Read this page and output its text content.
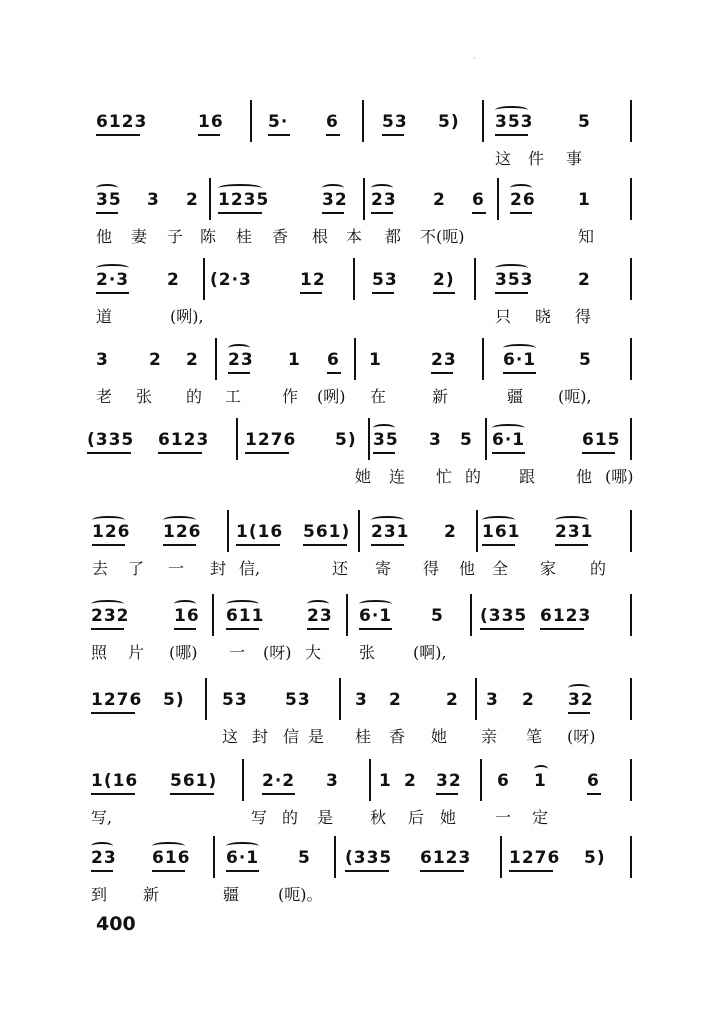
6123	16	5· 6	53 5) 353	5
这 件 事
35 3 2 1235	32 23 2 6 26 1
他 妻 子 陈 桂 香 根 本 都 不(呃)	知
2·3 2 (2·3	12	53 2) 353	2
道	(咧),	只 晓 得
3 2 2 23 1 6 1	23	6·1	5
老 张 的 工	作 (咧) 在	新	疆 (呃),
(335 6123 1276 5) 35 3 5 6·1	615
她 连 忙 的 跟	他 (哪)
126 126 1(16 561) 231 2 161 231
去 了 一 封 信,	还 寄 得 他 全 家 的
232	16 611	23 6·1 5 (335 6123
照 片 (哪) 一 (呀) 大 张 (啊),
1276 5) 53 53	3 2	2 3 2 32
这 封 信 是 桂 香 她 亲 笔 (呀)
1(16 561)	2·2 3 1 2 32 6 1 6
写,	写 的 是 秋 后 她 一 定
23 616 6·1 5 (335 6123 1276 5)
到 新	疆 (呃)。
400
·
